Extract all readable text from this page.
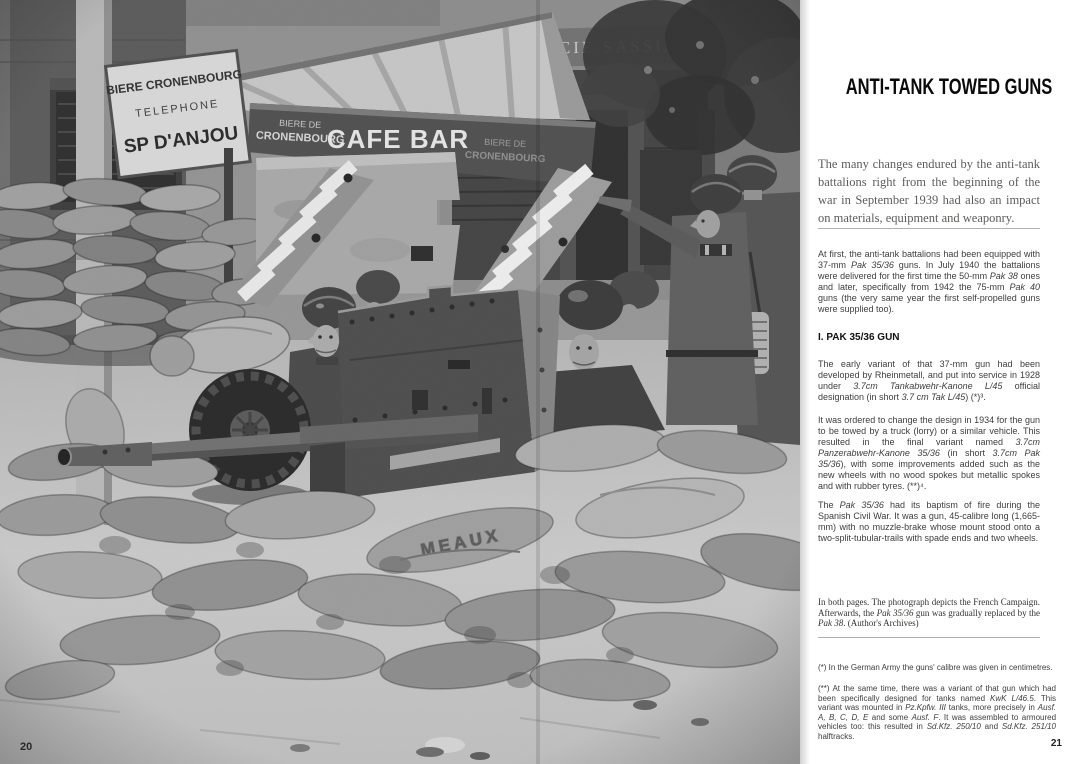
20
ANTI-TANK TOWED GUNS

The many changes endured by the anti-tank battalions right from the beginning of the war in September 1939 had also an impact on materials, equipment and weaponry.

At first, the anti-tank battalions had been equipped with 37-mm Pak 35/36 guns. In July 1940 the battalions were delivered for the first time the 50-mm Pak 38 ones and later, specifically from 1942 the 75-mm Pak 40 guns (the very same year the first self-propelled guns were supplied too).

I. PAK 35/36 GUN

The early variant of that 37-mm gun had been developed by Rheinmetall, and put into service in 1928 under 3.7cm Tankabwehr-Kanone L/45 official designation (in short 3.7 cm Tak L/45) (*)³.

It was ordered to change the design in 1934 for the gun to be towed by a truck (lorry) or a similar vehicle. This resulted in the final variant named 3.7cm Panzerabwehr-Kanone 35/36 (in short 3.7cm Pak 35/36), with some improvements added such as the new wheels with no wood spokes but metallic spokes and with rubber tyres. (**)⁴.

The Pak 35/36 had its baptism of fire during the Spanish Civil War. It was a gun, 45-calibre long (1,665-mm) with no muzzle-brake whose mount stood onto a two-split-tubular-trails with spade ends and two wheels.

In both pages. The photograph depicts the French Campaign. Afterwards, the Pak 35/36 gun was gradually replaced by the Pak 38. (Author's Archives)

(*) In the German Army the guns' calibre was given in centimetres.

(**) At the same time, there was a variant of that gun which had been specifically designed for tanks named KwK L/46.5. This variant was mounted in Pz.Kpfw. III tanks, more precisely in Ausf. A, B, C, D, E and some Ausf. F. It was assembled to armoured vehicles too: this resulted in Sd.Kfz. 250/10 and Sd.Kfz. 251/10 halftracks.

21
